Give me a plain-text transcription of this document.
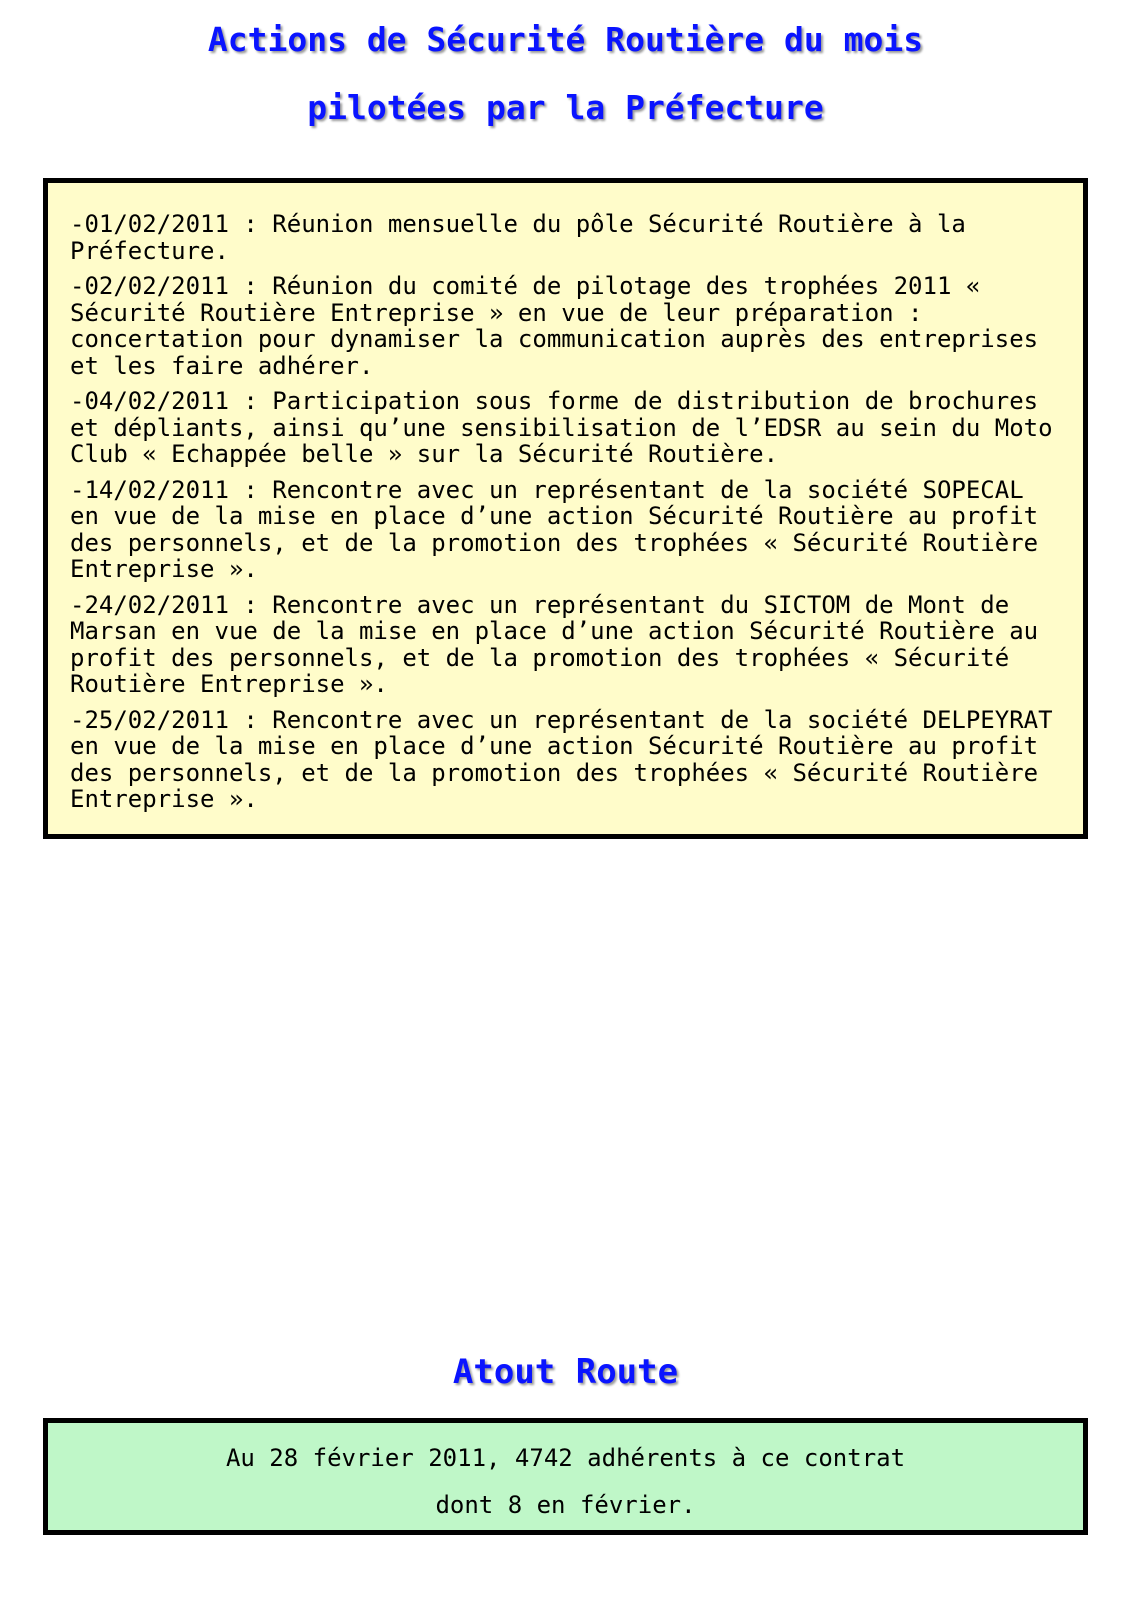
Actions de Sécurité Routière du mois
pilotées par la Préfecture
-01/02/2011 : Réunion mensuelle du pôle Sécurité Routière à la Préfecture.
-02/02/2011 : Réunion du comité de pilotage des trophées 2011 « Sécurité Routière Entreprise » en vue de leur préparation : concertation pour dynamiser la communication auprès des entreprises et les faire adhérer.
-04/02/2011 : Participation sous forme de distribution de brochures et dépliants, ainsi qu’une sensibilisation de l’EDSR au sein du Moto Club « Echappée belle » sur la Sécurité Routière.
-14/02/2011 : Rencontre avec un représentant de la société SOPECAL en vue de la mise en place d’une action Sécurité Routière au profit des personnels, et de la promotion des trophées « Sécurité Routière Entreprise ».
-24/02/2011 : Rencontre avec un représentant du SICTOM de Mont de Marsan en vue de la mise en place d’une action Sécurité Routière au profit des personnels, et de la promotion des trophées « Sécurité Routière Entreprise ».
-25/02/2011 : Rencontre avec un représentant de la société DELPEYRAT en vue de la mise en place d’une action Sécurité Routière au profit des personnels, et de la promotion des trophées « Sécurité Routière Entreprise ».
Atout Route
Au 28 février 2011, 4742 adhérents à ce contrat
dont 8 en février.
